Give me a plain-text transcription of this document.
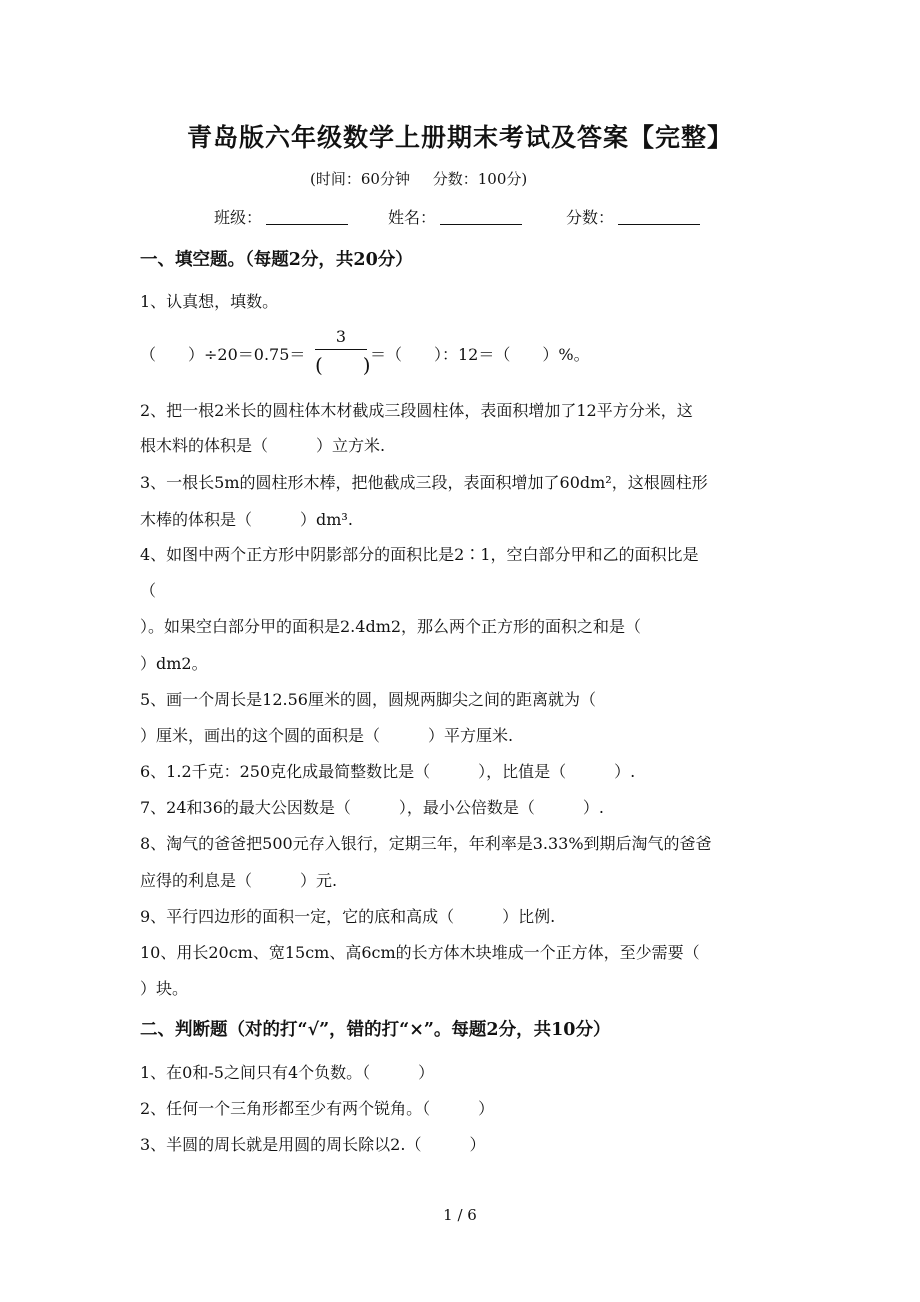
青岛版六年级数学上册期末考试及答案【完整】
(时间：60分钟 分数：100分)
班级：	姓名：	分数：
一、填空题。（每题2分，共20分）
1、认真想，填数。
（　　）÷20＝0.75＝
3
(　　) ＝（　　）：12＝（　　）%。
2、把一根2米长的圆柱体木材截成三段圆柱体，表面积增加了12平方分米，这
根木料的体积是（　　　）立方米.
3、一根长5m的圆柱形木棒，把他截成三段，表面积增加了60dm²，这根圆柱形
木棒的体积是（　　　）dm³.
4、如图中两个正方形中阴影部分的面积比是2∶1，空白部分甲和乙的面积比是
（
）。如果空白部分甲的面积是2.4dm2，那么两个正方形的面积之和是（
）dm2。
5、画一个周长是12.56厘米的圆，圆规两脚尖之间的距离就为（
）厘米，画出的这个圆的面积是（　　　）平方厘米.
6、1.2千克：250克化成最简整数比是（　　　），比值是（　　　）.
7、24和36的最大公因数是（　　　），最小公倍数是（　　　）.
8、淘气的爸爸把500元存入银行，定期三年，年利率是3.33%到期后淘气的爸爸
应得的利息是（　　　）元.
9、平行四边形的面积一定，它的底和高成（　　　）比例.
10、用长20cm、宽15cm、高6cm的长方体木块堆成一个正方体，至少需要（
）块。
二、判断题（对的打“√”，错的打“×”。每题2分，共10分）
1、在0和-5之间只有4个负数。（　　　）
2、任何一个三角形都至少有两个锐角。（　　　）
3、半圆的周长就是用圆的周长除以2.（　　　）
1 / 6
